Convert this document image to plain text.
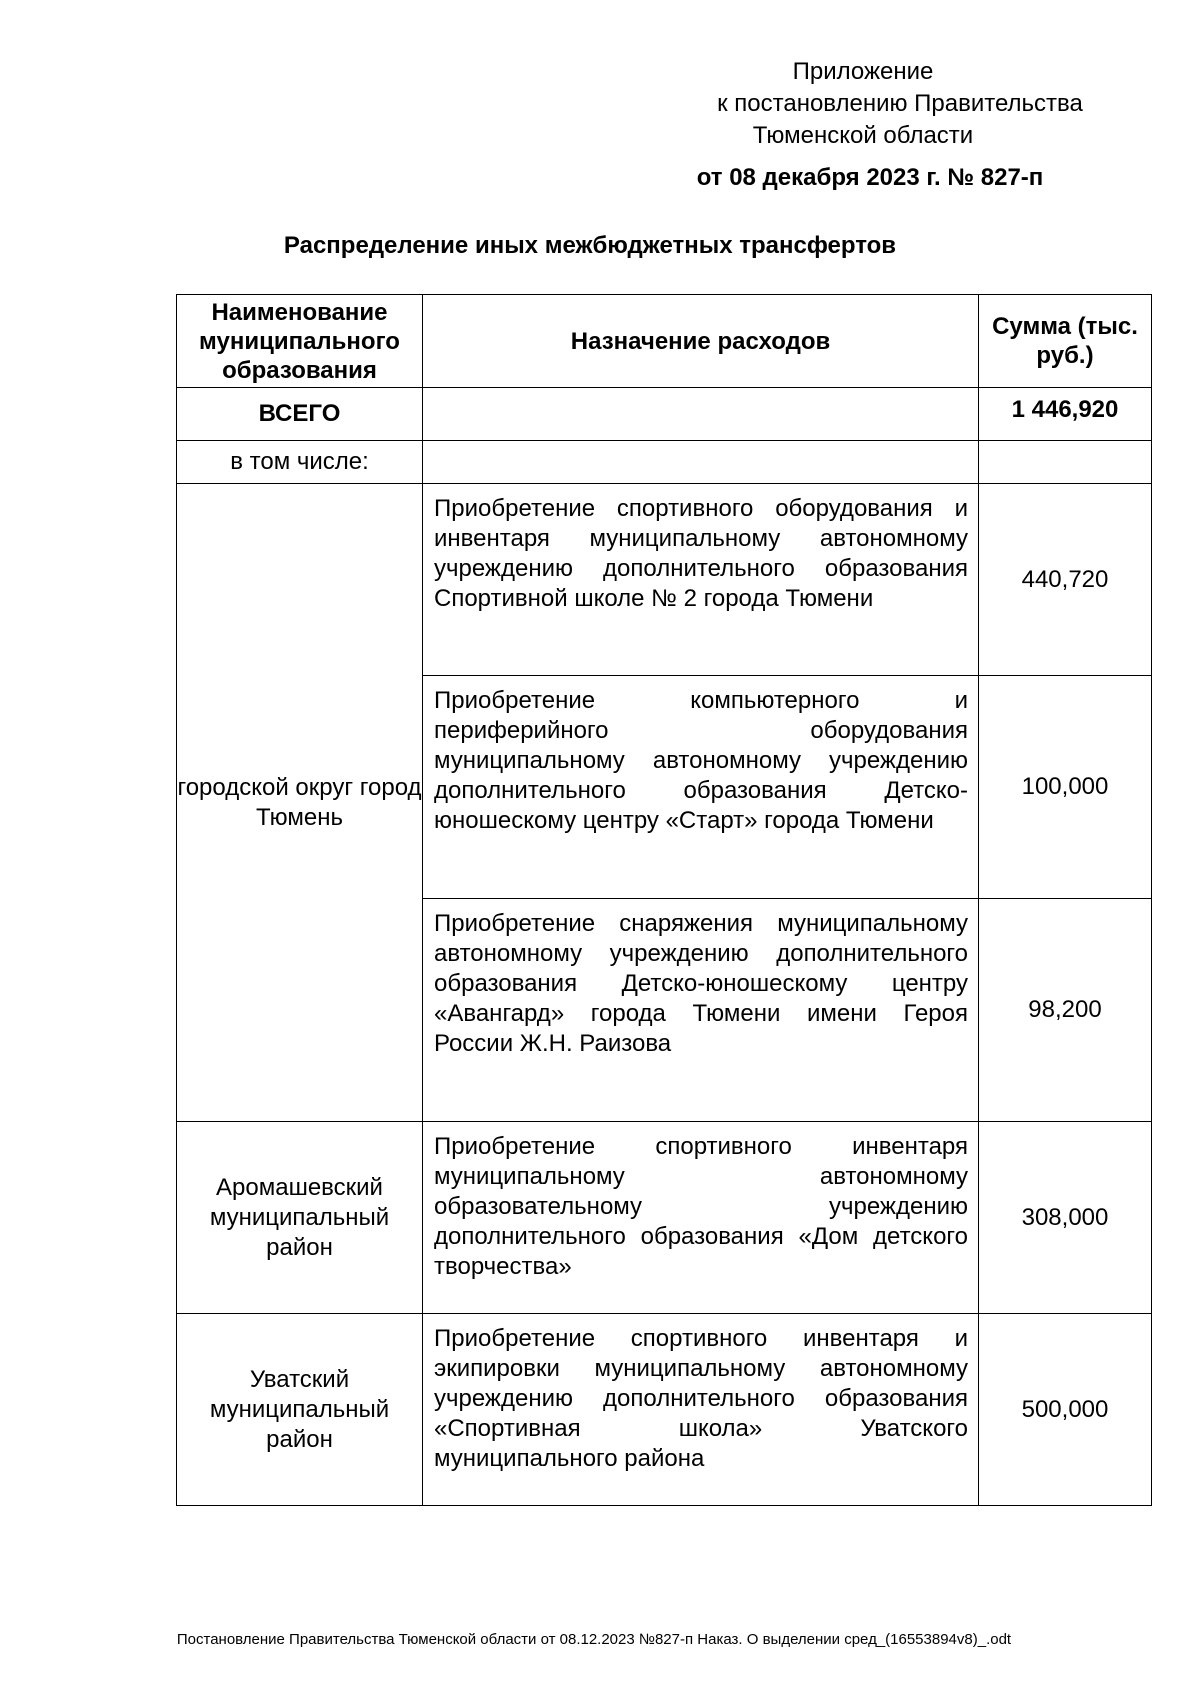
Приложение
к постановлению Правительства
Тюменской области
от 08 декабря 2023 г. № 827-п
Распределение иных межбюджетных трансфертов
Наименование муниципального образования	Назначение расходов	Сумма (тыс. руб.)
ВСЕГО		1 446,920
в том числе:		
городской округ город Тюмень	Приобретение спортивного оборудования и инвентаря муниципальному автономному учреждению дополнительного образования Спортивной школе № 2 города Тюмени	440,720
	Приобретение компьютерного и периферийного оборудования муниципальному автономному учреждению дополнительного образования Детско-юношескому центру «Старт» города Тюмени	100,000
	Приобретение снаряжения муниципальному автономному учреждению дополнительного образования Детско-юношескому центру «Авангард» города Тюмени имени Героя России Ж.Н. Раизова	98,200
Аромашевский муниципальный район	Приобретение спортивного инвентаря муниципальному автономному образовательному учреждению дополнительного образования «Дом детского творчества»	308,000
Уватский муниципальный район	Приобретение спортивного инвентаря и экипировки муниципальному автономному учреждению дополнительного образования «Спортивная школа» Уватского муниципального района	500,000
Постановление Правительства Тюменской области от 08.12.2023 №827-п Наказ. О выделении сред_(16553894v8)_.odt
